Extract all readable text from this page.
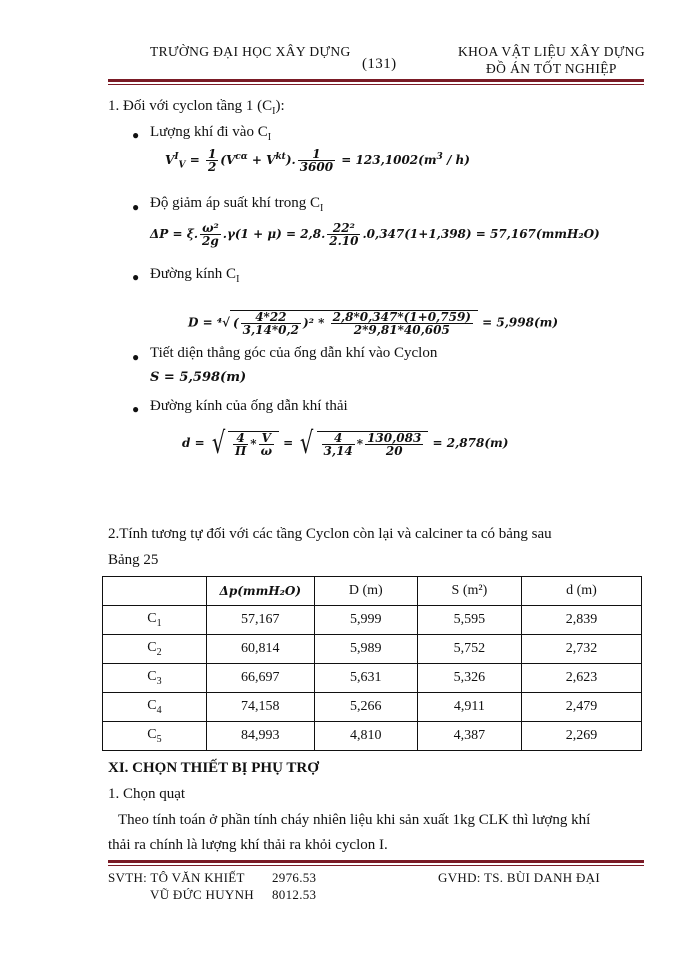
TRƯỜNG ĐẠI HỌC XÂY DỰNG
(131)
KHOA VẬT LIỆU XÂY DỰNG
ĐỒ ÁN TỐT NGHIỆP
1. Đối với cyclon tầng 1 $(C_I)$:
● Lượng khí đi vào $C_I$
$V^I_V = \frac{1}{2} (V^{c\alpha} + V^{kt})$. $\frac{1}{3600} = 123,1002(m^3 / h)$
● Độ giảm áp suất khí trong $C_I$
ΔP = ξ. $\frac{\text{ω²}}{2g} .\gamma(1 + \mu) = 2,8$. $\frac{\text{22²}}{2.10} .0,347(1+1,398) = 57,167(mmH_2O)$
● Đường kính $C_I$
D = ⁴√ ( $\frac{4*22}{3,14*0,2} )^2 * \frac{2,8*0,347*(1+0,759)}{2*9,81*40,605} = 5,998(m)$
● Tiết diện thẳng góc của ống dẫn khí vào Cyclon
S = 5,598(m)
● Đường kính của ống dẫn khí thải
d = √ $\frac{4}{\Pi} * \frac{V}{\omega}$ = √ $\frac{4}{3,14} * \frac{130,083}{20} = 2,878(m)$
2.Tính tương tự đối với các tầng Cyclon còn lại và calciner ta có bảng sau
Bảng 25
	Δp(mmH₂O)	D (m)	S (m²)	d (m)
$C_1$	57,167	5,999	5,595	2,839
$C_2$	60,814	5,989	5,752	2,732
$C_3$	66,697	5,631	5,326	2,623
$C_4$	74,158	5,266	4,911	2,479
$C_5$	84,993	4,810	4,387	2,269
XI. CHỌN THIẾT BỊ PHỤ TRỢ
1. Chọn quạt
Theo tính toán ở phần tính cháy nhiên liệu khi sản xuất 1kg CLK thì lượng khí
thải ra chính là lượng khí thải ra khỏi cyclon I.
SVTH: TÔ VĂN KHIẾT 2976.53
VŨ ĐỨC HUYNH 8012.53
GVHD: TS. BÙI DANH ĐẠI
